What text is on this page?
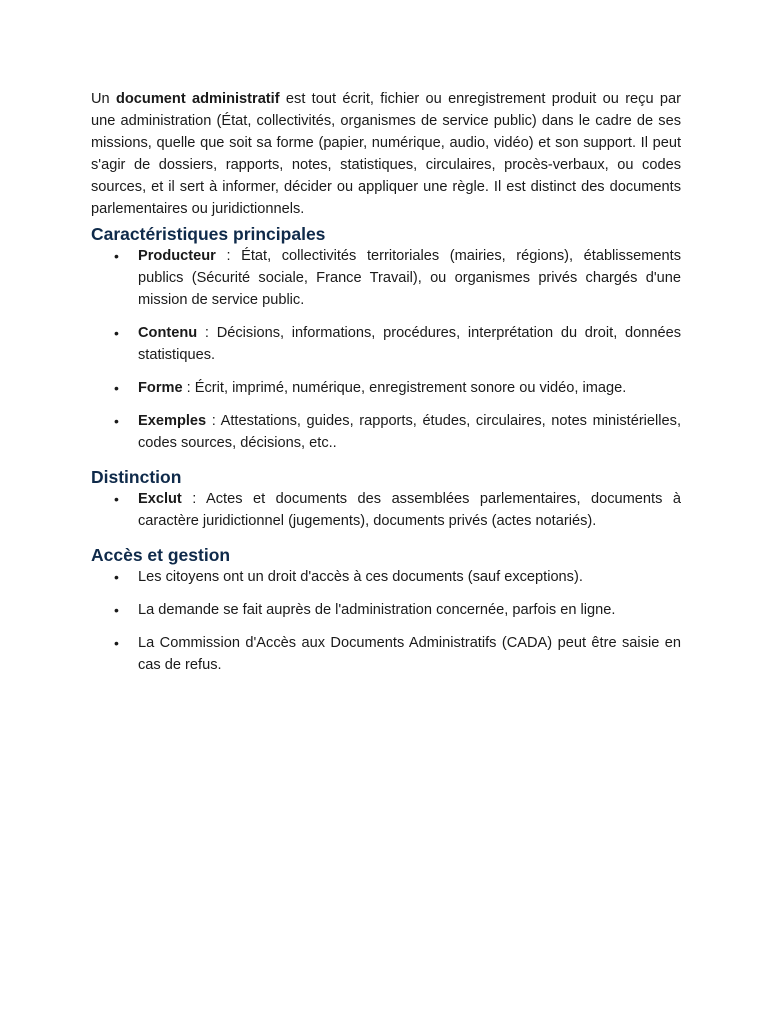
Un document administratif est tout écrit, fichier ou enregistrement produit ou reçu par une administration (État, collectivités, organismes de service public) dans le cadre de ses missions, quelle que soit sa forme (papier, numérique, audio, vidéo) et son support. Il peut s'agir de dossiers, rapports, notes, statistiques, circulaires, procès-verbaux, ou codes sources, et il sert à informer, décider ou appliquer une règle. Il est distinct des documents parlementaires ou juridictionnels.

Caractéristiques principales
• Producteur : État, collectivités territoriales (mairies, régions), établissements publics (Sécurité sociale, France Travail), ou organismes privés chargés d'une mission de service public.
• Contenu : Décisions, informations, procédures, interprétation du droit, données statistiques.
• Forme : Écrit, imprimé, numérique, enregistrement sonore ou vidéo, image.
• Exemples : Attestations, guides, rapports, études, circulaires, notes ministérielles, codes sources, décisions, etc..
Distinction
• Exclut : Actes et documents des assemblées parlementaires, documents à caractère juridictionnel (jugements), documents privés (actes notariés).
Accès et gestion
• Les citoyens ont un droit d'accès à ces documents (sauf exceptions).
• La demande se fait auprès de l'administration concernée, parfois en ligne.
• La Commission d'Accès aux Documents Administratifs (CADA) peut être saisie en cas de refus.
